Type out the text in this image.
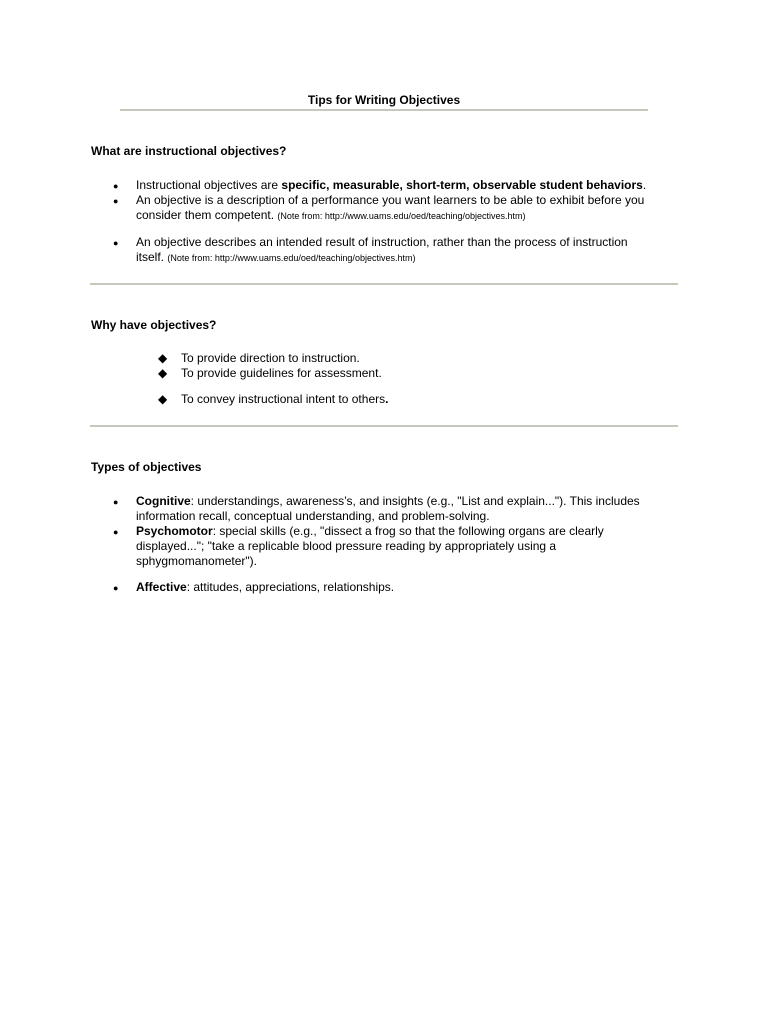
Tips for Writing Objectives
What are instructional objectives?
● Instructional objectives are specific, measurable, short-term, observable student behaviors.
● An objective is a description of a performance you want learners to be able to exhibit before you
consider them competent. (Note from: http://www.uams.edu/oed/teaching/objectives.htm)
● An objective describes an intended result of instruction, rather than the process of instruction
itself. (Note from: http://www.uams.edu/oed/teaching/objectives.htm)
Why have objectives?
◆ To provide direction to instruction.
◆ To provide guidelines for assessment.
◆ To convey instructional intent to others.
Types of objectives
● Cognitive: understandings, awareness’s, and insights (e.g., "List and explain..."). This includes
information recall, conceptual understanding, and problem-solving.
● Psychomotor: special skills (e.g., "dissect a frog so that the following organs are clearly
displayed..."; "take a replicable blood pressure reading by appropriately using a
sphygmomanometer").
● Affective: attitudes, appreciations, relationships.
